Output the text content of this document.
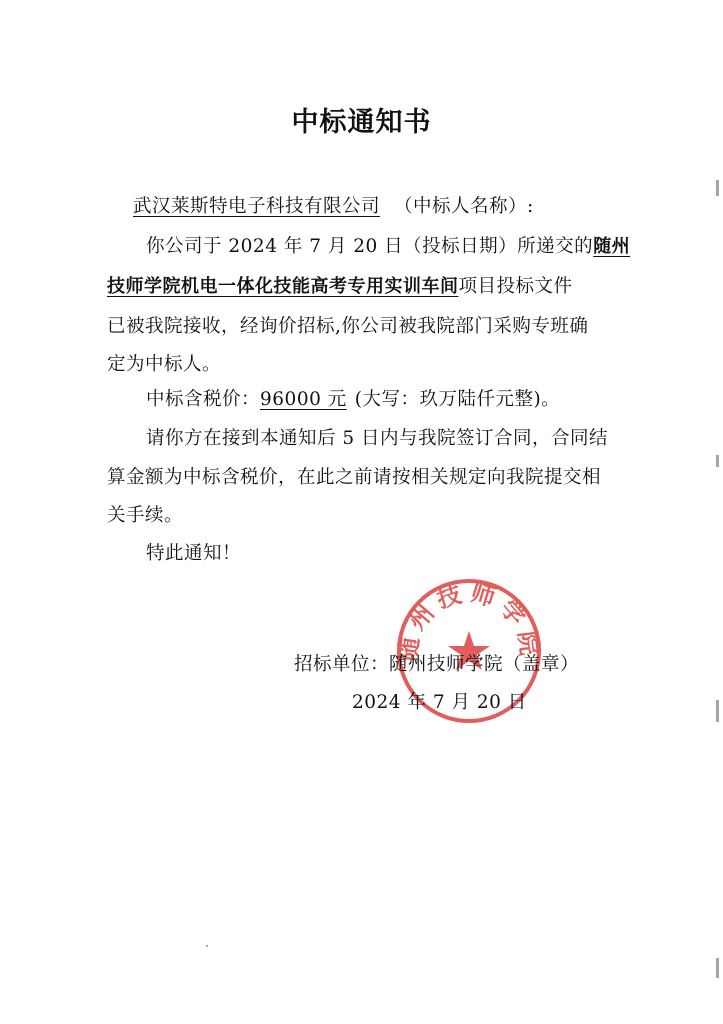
中标通知书
武汉莱斯特电子科技有限公司 （中标人名称）:
你公司于 2024 年 7 月 20 日（投标日期）所递交的随州
技师学院机电一体化技能高考专用实训车间项目投标文件
已被我院接收，经询价招标,你公司被我院部门采购专班确
定为中标人。
中标含税价：96000 元 (大写：玖万陆仟元整)。
请你方在接到本通知后 5 日内与我院签订合同，合同结
算金额为中标含税价，在此之前请按相关规定向我院提交相
关手续。
特此通知！
随州技师学院
招标单位：随州技师学院（盖章）
2024 年 7 月 20 日
